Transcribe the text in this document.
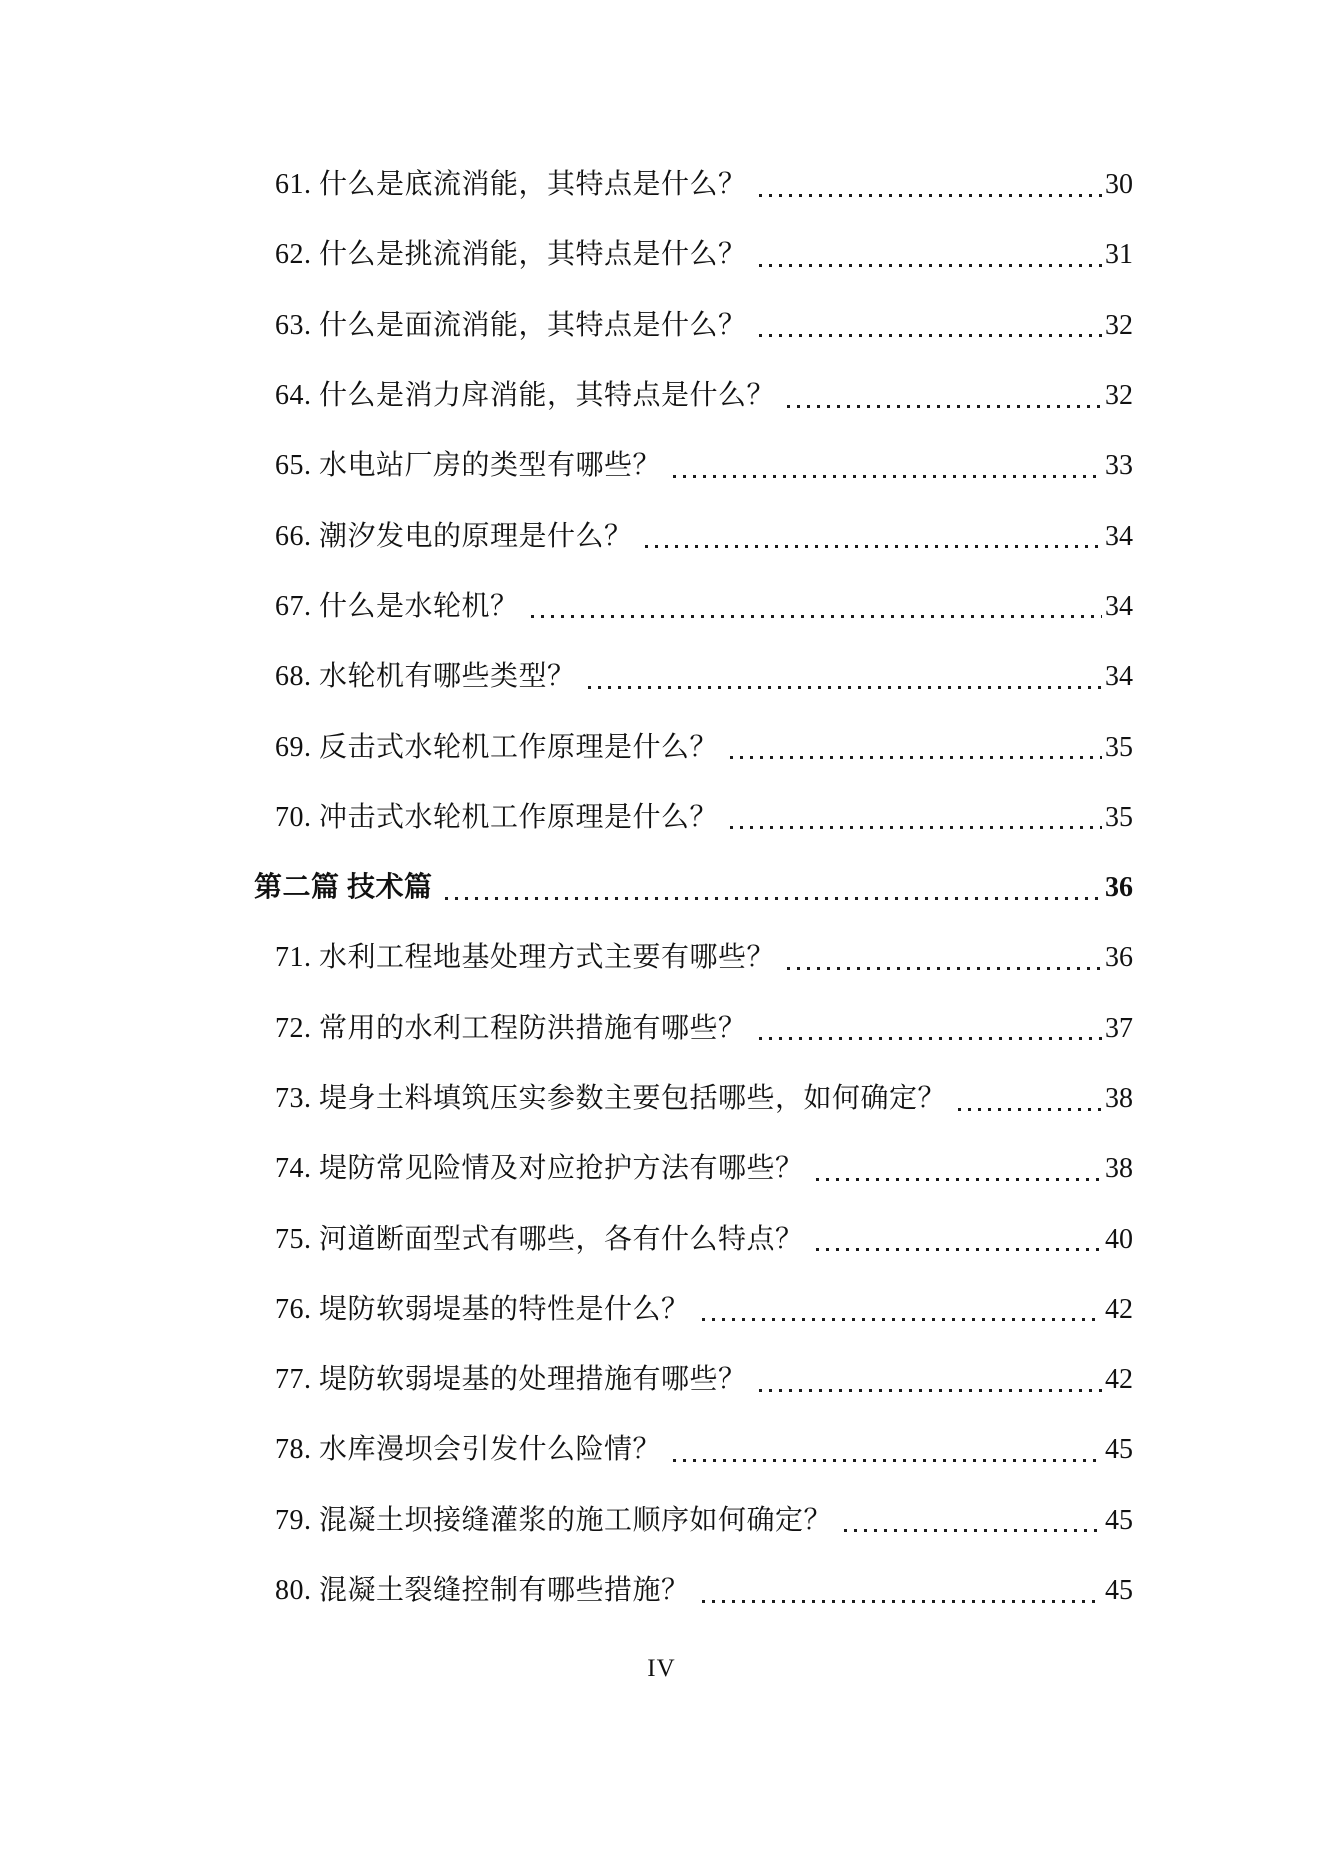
61. 什么是底流消能，其特点是什么？	30
62. 什么是挑流消能，其特点是什么？	31
63. 什么是面流消能，其特点是什么？	32
64. 什么是消力戽消能，其特点是什么？	32
65. 水电站厂房的类型有哪些？	33
66. 潮汐发电的原理是什么？	34
67. 什么是水轮机？	34
68. 水轮机有哪些类型？	34
69. 反击式水轮机工作原理是什么？	35
70. 冲击式水轮机工作原理是什么？	35
第二篇 技术篇	36
71. 水利工程地基处理方式主要有哪些？	36
72. 常用的水利工程防洪措施有哪些？	37
73. 堤身土料填筑压实参数主要包括哪些，如何确定？	38
74. 堤防常见险情及对应抢护方法有哪些？	38
75. 河道断面型式有哪些，各有什么特点？	40
76. 堤防软弱堤基的特性是什么？	42
77. 堤防软弱堤基的处理措施有哪些？	42
78. 水库漫坝会引发什么险情？	45
79. 混凝土坝接缝灌浆的施工顺序如何确定？	45
80. 混凝土裂缝控制有哪些措施？	45
IV
